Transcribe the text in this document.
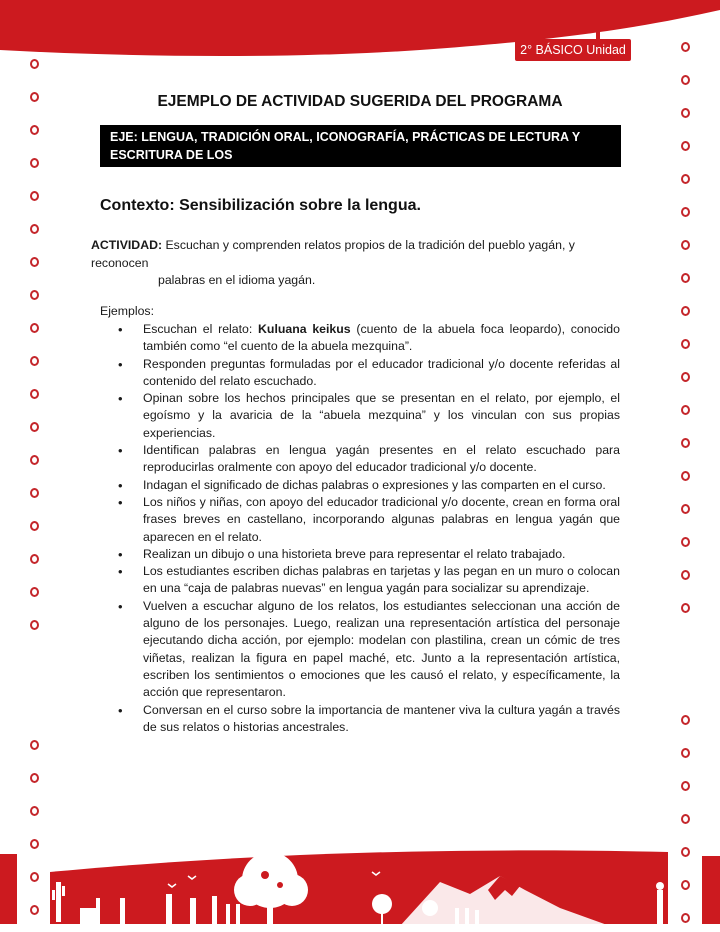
2° BÁSICO Unidad 1
EJEMPLO DE ACTIVIDAD SUGERIDA DEL PROGRAMA
EJE: LENGUA, TRADICIÓN ORAL, ICONOGRAFÍA, PRÁCTICAS DE LECTURA Y ESCRITURA DE LOS
PUEBLOS ORIGINARIOS.
Contexto: Sensibilización sobre la lengua.
ACTIVIDAD: Escuchan y comprenden relatos propios de la tradición del pueblo yagán, y reconocen
palabras en el idioma yagán.
Ejemplos:
• Escuchan el relato: Kuluana keikus (cuento de la abuela foca leopardo), conocido también como “el cuento de la abuela mezquina”.
• Responden preguntas formuladas por el educador tradicional y/o docente referidas al contenido del relato escuchado.
• Opinan sobre los hechos principales que se presentan en el relato, por ejemplo, el egoísmo y la avaricia de la “abuela mezquina” y los vinculan con sus propias experiencias.
• Identifican palabras en lengua yagán presentes en el relato escuchado para reproducirlas oralmente con apoyo del educador tradicional y/o docente.
• Indagan el significado de dichas palabras o expresiones y las comparten en el curso.
• Los niños y niñas, con apoyo del educador tradicional y/o docente, crean en forma oral frases breves en castellano, incorporando algunas palabras en lengua yagán que aparecen en el relato.
• Realizan un dibujo o una historieta breve para representar el relato trabajado.
• Los estudiantes escriben dichas palabras en tarjetas y las pegan en un muro o colocan en una “caja de palabras nuevas” en lengua yagán para socializar su aprendizaje.
• Vuelven a escuchar alguno de los relatos, los estudiantes seleccionan una acción de alguno de los personajes. Luego, realizan una representación artística del personaje ejecutando dicha acción, por ejemplo: modelan con plastilina, crean un cómic de tres viñetas, realizan la figura en papel maché, etc. Junto a la representación artística, escriben los sentimientos o emociones que les causó el relato, y específicamente, la acción que representaron.
• Conversan en el curso sobre la importancia de mantener viva la cultura yagán a través de sus relatos o historias ancestrales.
